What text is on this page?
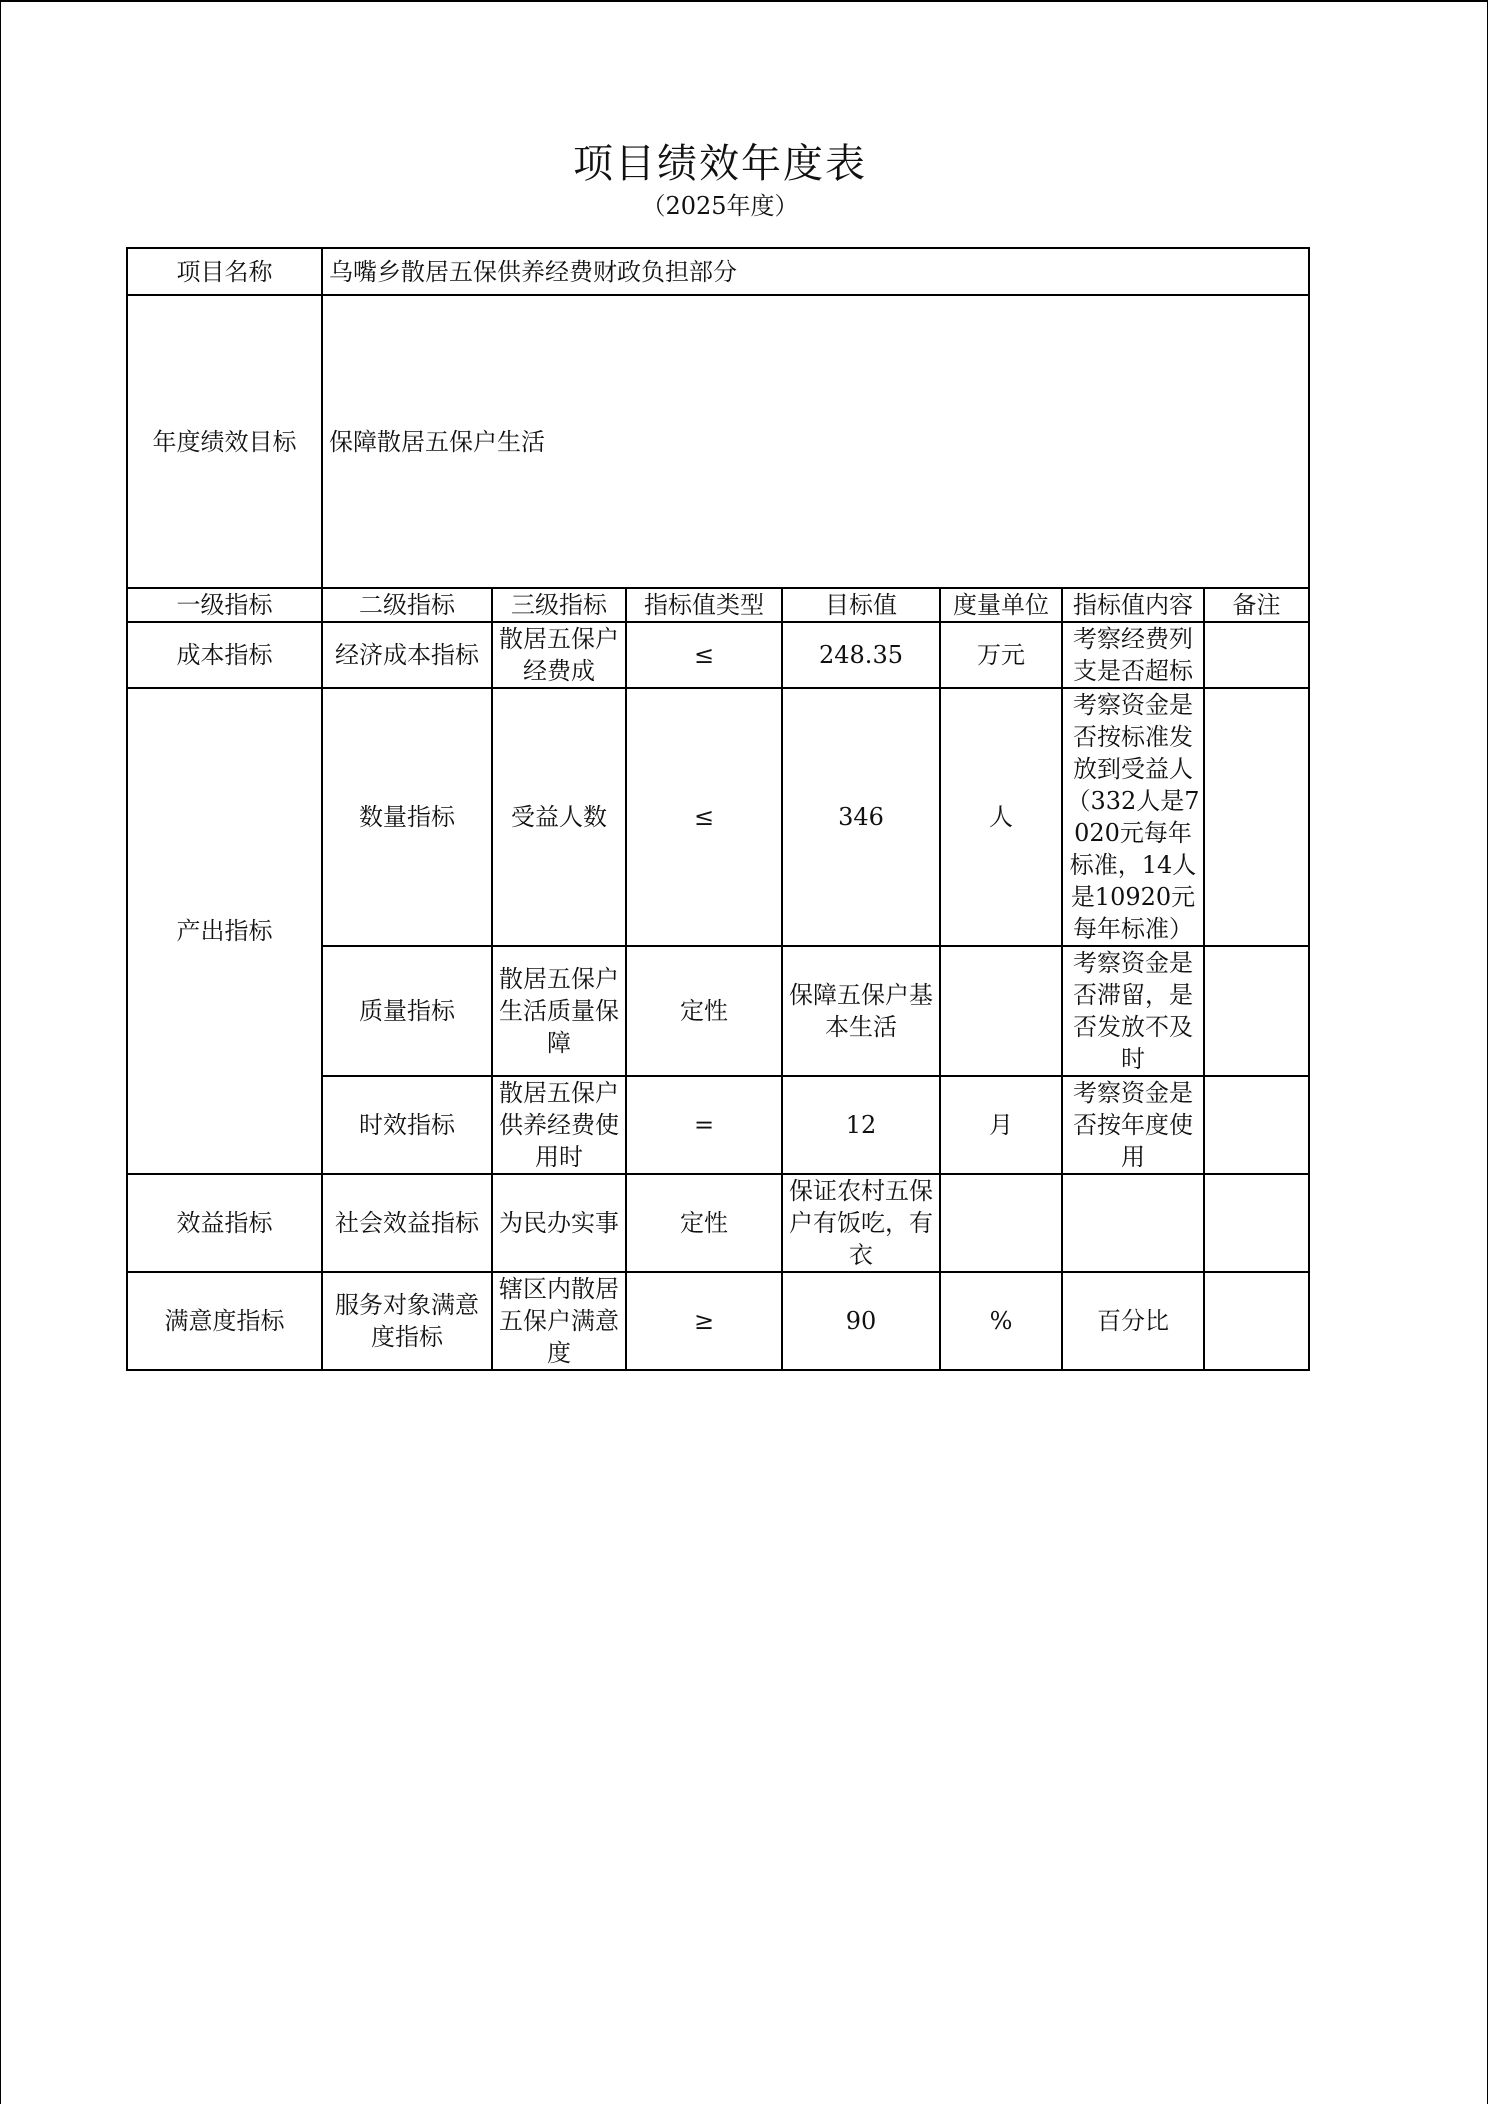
项目绩效年度表
（2025年度）
项目名称	乌嘴乡散居五保供养经费财政负担部分						
年度绩效目标	保障散居五保户生活						
一级指标	二级指标	三级指标	指标值类型	目标值	度量单位	指标值内容	备注
成本指标	经济成本指标	散居五保户经费成	≤	248.35	万元	考察经费列支是否超标	

产出指标	数量指标	受益人数	≤	346	人	考察资金是否按标准发放到受益人（332人是7020元每年标准，14人是10920元每年标准）	

	质量指标	散居五保户生活质量保障	定性	保障五保户基本生活		考察资金是否滞留，是否发放不及时	

	时效指标	散居五保户供养经费使用时	=	12	月	考察资金是否按年度使用	

效益指标	社会效益指标	为民办实事	定性	保证农村五保户有饭吃，有衣			

满意度指标	服务对象满意度指标	辖区内散居五保户满意度	≥	90	%	百分比	
